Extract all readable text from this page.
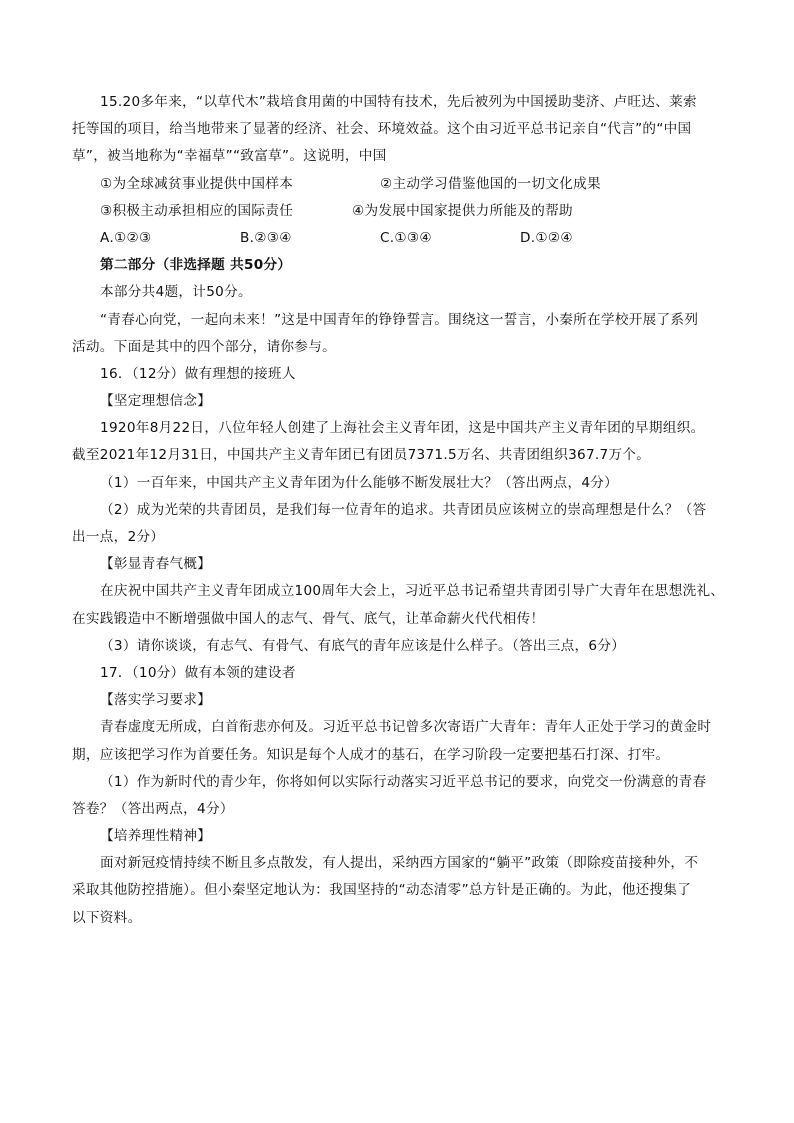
15.20多年来，“以草代木”栽培食用菌的中国特有技术，先后被列为中国援助斐济、卢旺达、莱索
托等国的项目，给当地带来了显著的经济、社会、环境效益。这个由习近平总书记亲自“代言”的“中国
草”，被当地称为“幸福草”“致富草”。这说明，中国
①为全球减贫事业提供中国样本	②主动学习借鉴他国的一切文化成果
③积极主动承担相应的国际责任	④为发展中国家提供力所能及的帮助
A.①②③	B.②③④	C.①③④	D.①②④
第二部分（非选择题 共50分）
本部分共4题，计50分。
“青春心向党，一起向未来！”这是中国青年的铮铮誓言。围绕这一誓言，小秦所在学校开展了系列
活动。下面是其中的四个部分，请你参与。
16．（12分）做有理想的接班人
【坚定理想信念】
1920年8月22日，八位年轻人创建了上海社会主义青年团，这是中国共产主义青年团的早期组织。
截至2021年12月31日，中国共产主义青年团已有团员7371.5万名、共青团组织367.7万个。
（1）一百年来，中国共产主义青年团为什么能够不断发展壮大？（答出两点，4分）
（2）成为光荣的共青团员，是我们每一位青年的追求。共青团员应该树立的崇高理想是什么？（答
出一点，2分）
【彰显青春气概】
在庆祝中国共产主义青年团成立100周年大会上，习近平总书记希望共青团引导广大青年在思想洗礼、
在实践锻造中不断增强做中国人的志气、骨气、底气，让革命薪火代代相传！
（3）请你谈谈，有志气、有骨气、有底气的青年应该是什么样子。（答出三点，6分）
17．（10分）做有本领的建设者
【落实学习要求】
青春虚度无所成，白首衔悲亦何及。习近平总书记曾多次寄语广大青年：青年人正处于学习的黄金时
期，应该把学习作为首要任务。知识是每个人成才的基石，在学习阶段一定要把基石打深、打牢。
（1）作为新时代的青少年，你将如何以实际行动落实习近平总书记的要求，向党交一份满意的青春
答卷？（答出两点，4分）
【培养理性精神】
面对新冠疫情持续不断且多点散发，有人提出，采纳西方国家的“躺平”政策（即除疫苗接种外，不
采取其他防控措施）。但小秦坚定地认为：我国坚持的“动态清零”总方针是正确的。为此，他还搜集了
以下资料。
